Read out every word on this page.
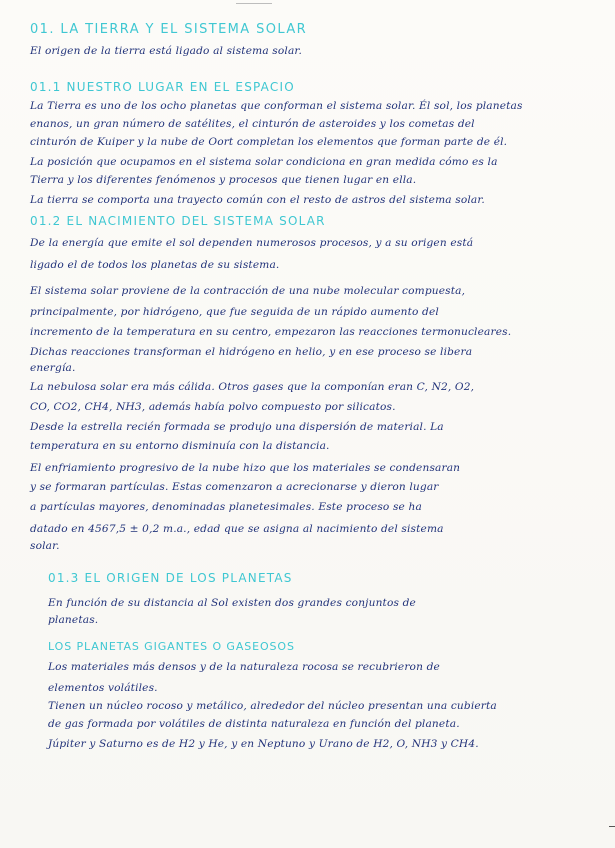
01. LA TIERRA Y EL SISTEMA SOLAR
El origen de la tierra está ligado al sistema solar.
01.1 NUESTRO LUGAR EN EL ESPACIO
La Tierra es uno de los ocho planetas que conforman el sistema solar. Él sol, los planetas
enanos, un gran número de satélites, el cinturón de asteroides y los cometas del
cinturón de Kuiper y la nube de Oort completan los elementos que forman parte de él.
La posición que ocupamos en el sistema solar condiciona en gran medida cómo es la
Tierra y los diferentes fenómenos y procesos que tienen lugar en ella.
La tierra se comporta una trayecto común con el resto de astros del sistema solar.
01.2 EL NACIMIENTO DEL SISTEMA SOLAR
De la energía que emite el sol dependen numerosos procesos, y a su origen está
ligado el de todos los planetas de su sistema.
El sistema solar proviene de la contracción de una nube molecular compuesta,
principalmente, por hidrógeno, que fue seguida de un rápido aumento del
incremento de la temperatura en su centro, empezaron las reacciones termonucleares.
Dichas reacciones transforman el hidrógeno en helio, y en ese proceso se libera
energía.
La nebulosa solar era más cálida. Otros gases que la componían eran C, N2, O2,
CO, CO2, CH4, NH3, además había polvo compuesto por silicatos.
Desde la estrella recién formada se produjo una dispersión de material. La
temperatura en su entorno disminuía con la distancia.
El enfriamiento progresivo de la nube hizo que los materiales se condensaran
y se formaran partículas. Estas comenzaron a acrecionarse y dieron lugar
a partículas mayores, denominadas planetesimales. Este proceso se ha
datado en 4567,5 ± 0,2 m.a., edad que se asigna al nacimiento del sistema
solar.
01.3 EL ORIGEN DE LOS PLANETAS
En función de su distancia al Sol existen dos grandes conjuntos de
planetas.
LOS PLANETAS GIGANTES O GASEOSOS
Los materiales más densos y de la naturaleza rocosa se recubrieron de
elementos volátiles.
Tienen un núcleo rocoso y metálico, alrededor del núcleo presentan una cubierta
de gas formada por volátiles de distinta naturaleza en función del planeta.
Júpiter y Saturno es de H2 y He, y en Neptuno y Urano de H2, O, NH3 y CH4.
